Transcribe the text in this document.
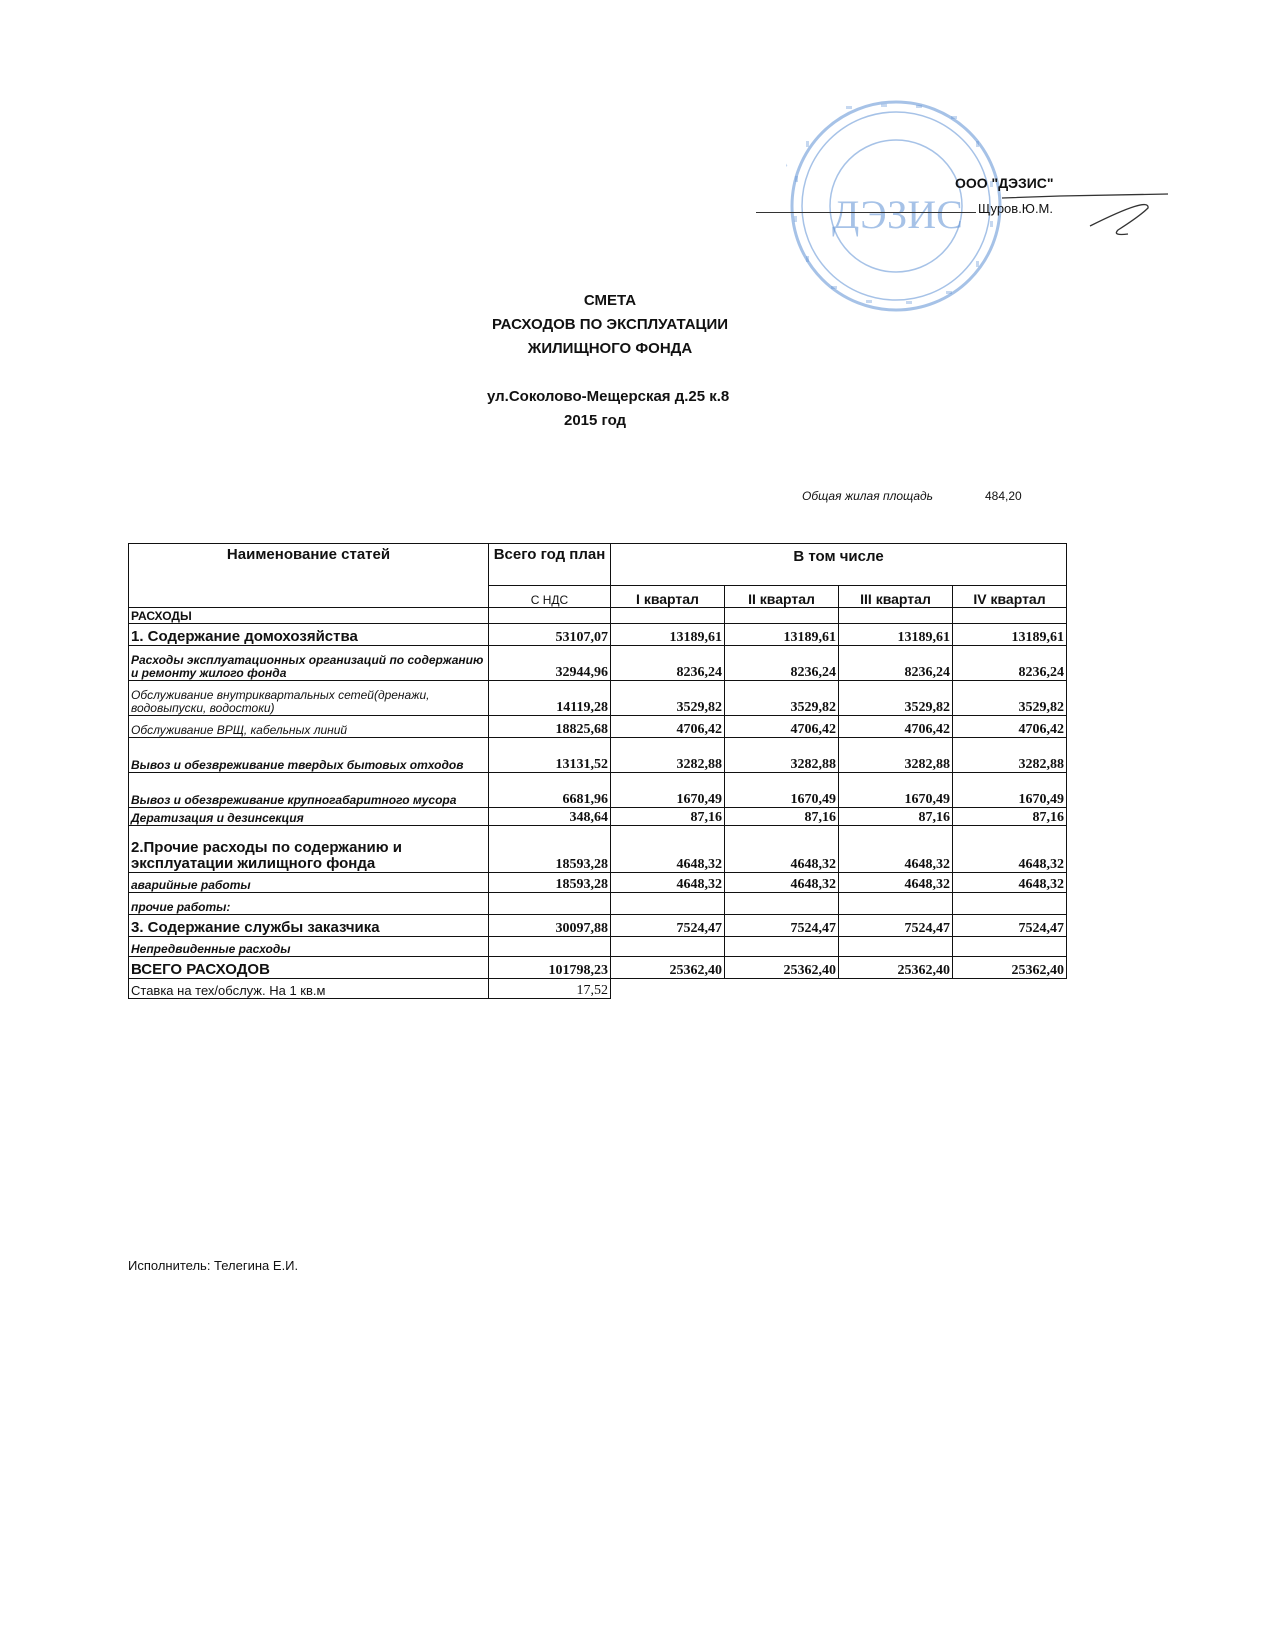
ДЭЗИС
ООО "ДЭЗИС"
Щуров.Ю.М.
СМЕТА
РАСХОДОВ ПО ЭКСПЛУАТАЦИИ
ЖИЛИЩНОГО ФОНДА
ул.Соколово-Мещерская д.25 к.8
2015 год
Общая жилая площадь	484,20
Наименование статей	Всего год план	В том числе			
	С НДС	I квартал	II квартал	III квартал	IV квартал
РАСХОДЫ					
1. Содержание домохозяйства	53107,07	13189,61	13189,61	13189,61	13189,61
Расходы эксплуатационных организаций по содержанию и ремонту жилого фонда	32944,96	8236,24	8236,24	8236,24	8236,24
Обслуживание внутриквартальных сетей(дренажи, водовыпуски, водостоки)	14119,28	3529,82	3529,82	3529,82	3529,82
Обслуживание ВРЩ, кабельных линий	18825,68	4706,42	4706,42	4706,42	4706,42
Вывоз и обезвреживание твердых бытовых отходов	13131,52	3282,88	3282,88	3282,88	3282,88
Вывоз и обезвреживание крупногабаритного мусора	6681,96	1670,49	1670,49	1670,49	1670,49
Дератизация и дезинсекция	348,64	87,16	87,16	87,16	87,16
2.Прочие расходы по содержанию и эксплуатации жилищного фонда	18593,28	4648,32	4648,32	4648,32	4648,32
аварийные работы	18593,28	4648,32	4648,32	4648,32	4648,32
прочие работы:					
3. Содержание службы заказчика	30097,88	7524,47	7524,47	7524,47	7524,47
Непредвиденные расходы					
ВСЕГО РАСХОДОВ	101798,23	25362,40	25362,40	25362,40	25362,40
Ставка на тех/обслуж. На 1 кв.м	17,52				
Исполнитель: Телегина Е.И.
